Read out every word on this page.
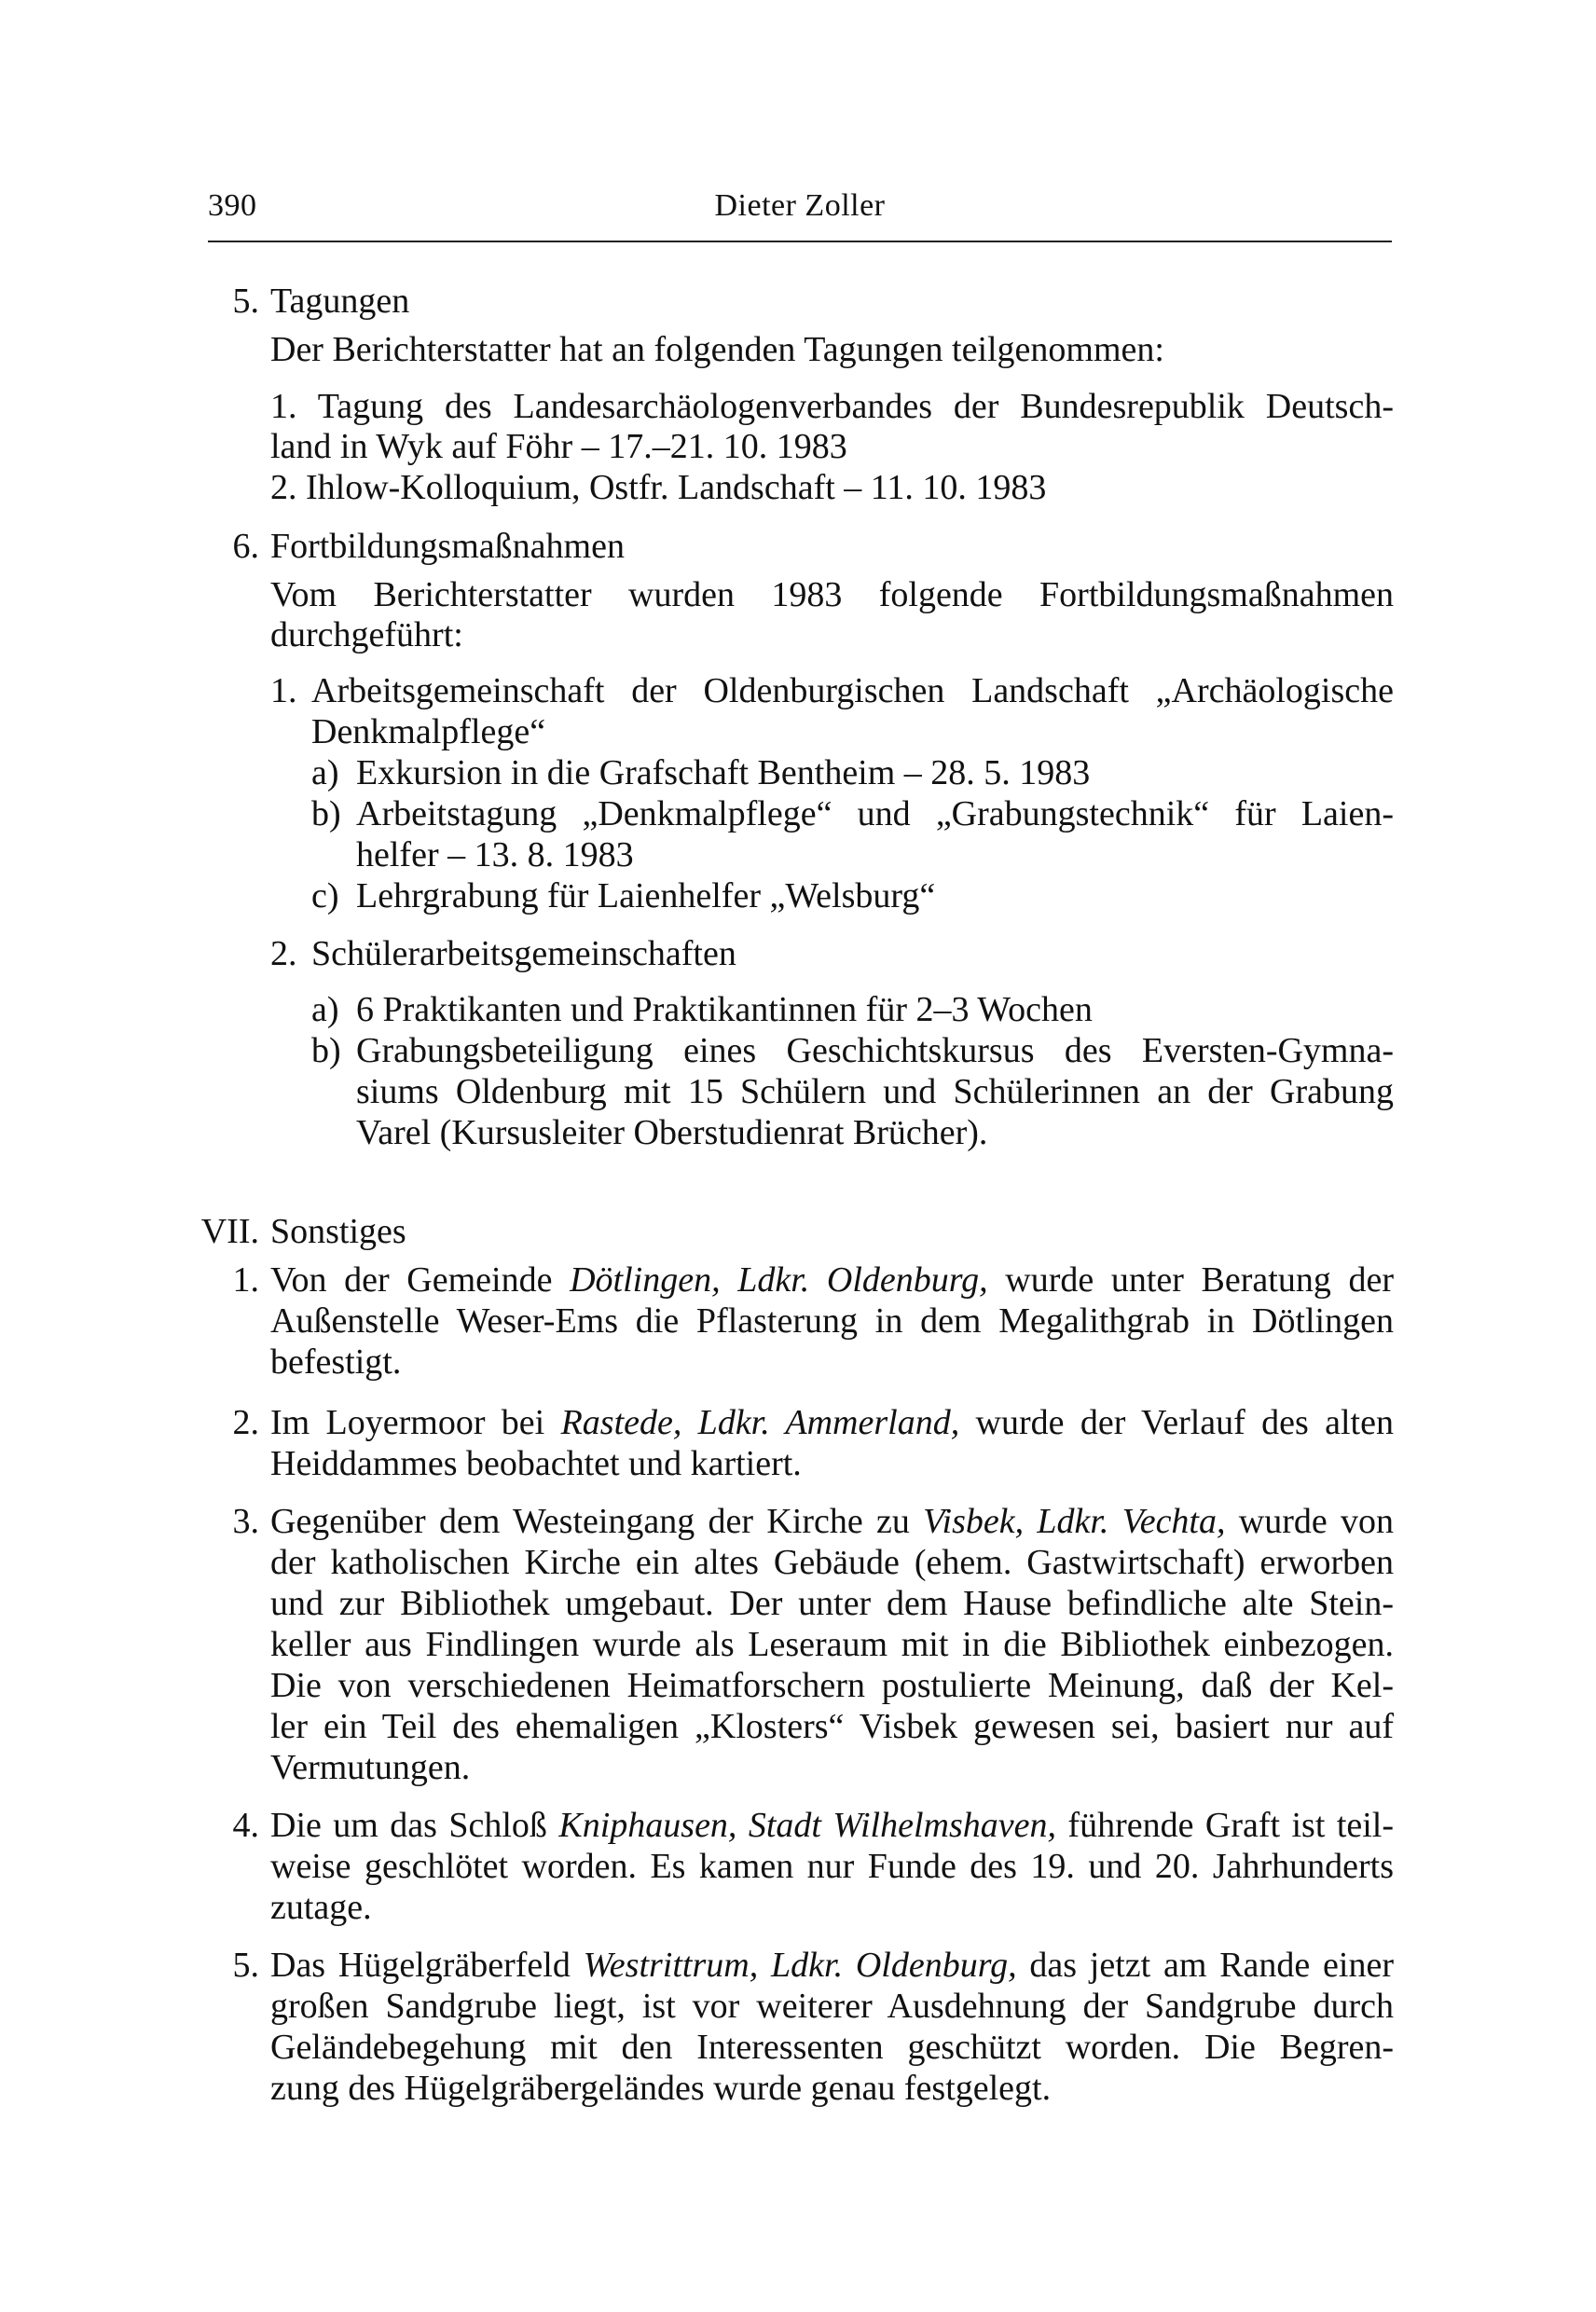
390	Dieter Zoller
5. Tagungen
Der Berichterstatter hat an folgenden Tagungen teilgenommen:
1. Tagung des Landesarchäologenverbandes der Bundesrepublik Deutsch-
land in Wyk auf Föhr – 17.–21. 10. 1983
2. Ihlow-Kolloquium, Ostfr. Landschaft – 11. 10. 1983
6. Fortbildungsmaßnahmen
Vom Berichterstatter wurden 1983 folgende Fortbildungsmaßnahmen
durchgeführt:
1. Arbeitsgemeinschaft der Oldenburgischen Landschaft „Archäologische
Denkmalpflege“
a) Exkursion in die Grafschaft Bentheim – 28. 5. 1983
b) Arbeitstagung „Denkmalpflege“ und „Grabungstechnik“ für Laien-
helfer – 13. 8. 1983
c) Lehrgrabung für Laienhelfer „Welsburg“
2. Schülerarbeitsgemeinschaften
a) 6 Praktikanten und Praktikantinnen für 2–3 Wochen
b) Grabungsbeteiligung eines Geschichtskursus des Eversten-Gymna-
siums Oldenburg mit 15 Schülern und Schülerinnen an der Grabung
Varel (Kursusleiter Oberstudienrat Brücher).
VII. Sonstiges
1. Von der Gemeinde Dötlingen, Ldkr. Oldenburg, wurde unter Beratung der
Außenstelle Weser-Ems die Pflasterung in dem Megalithgrab in Dötlingen
befestigt.
2. Im Loyermoor bei Rastede, Ldkr. Ammerland, wurde der Verlauf des alten
Heiddammes beobachtet und kartiert.
3. Gegenüber dem Westeingang der Kirche zu Visbek, Ldkr. Vechta, wurde von
der katholischen Kirche ein altes Gebäude (ehem. Gastwirtschaft) erworben
und zur Bibliothek umgebaut. Der unter dem Hause befindliche alte Stein-
keller aus Findlingen wurde als Leseraum mit in die Bibliothek einbezogen.
Die von verschiedenen Heimatforschern postulierte Meinung, daß der Kel-
ler ein Teil des ehemaligen „Klosters“ Visbek gewesen sei, basiert nur auf
Vermutungen.
4. Die um das Schloß Kniphausen, Stadt Wilhelmshaven, führende Graft ist teil-
weise geschlötet worden. Es kamen nur Funde des 19. und 20. Jahrhunderts
zutage.
5. Das Hügelgräberfeld Westrittrum, Ldkr. Oldenburg, das jetzt am Rande einer
großen Sandgrube liegt, ist vor weiterer Ausdehnung der Sandgrube durch
Geländebegehung mit den Interessenten geschützt worden. Die Begren-
zung des Hügelgräbergeländes wurde genau festgelegt.
